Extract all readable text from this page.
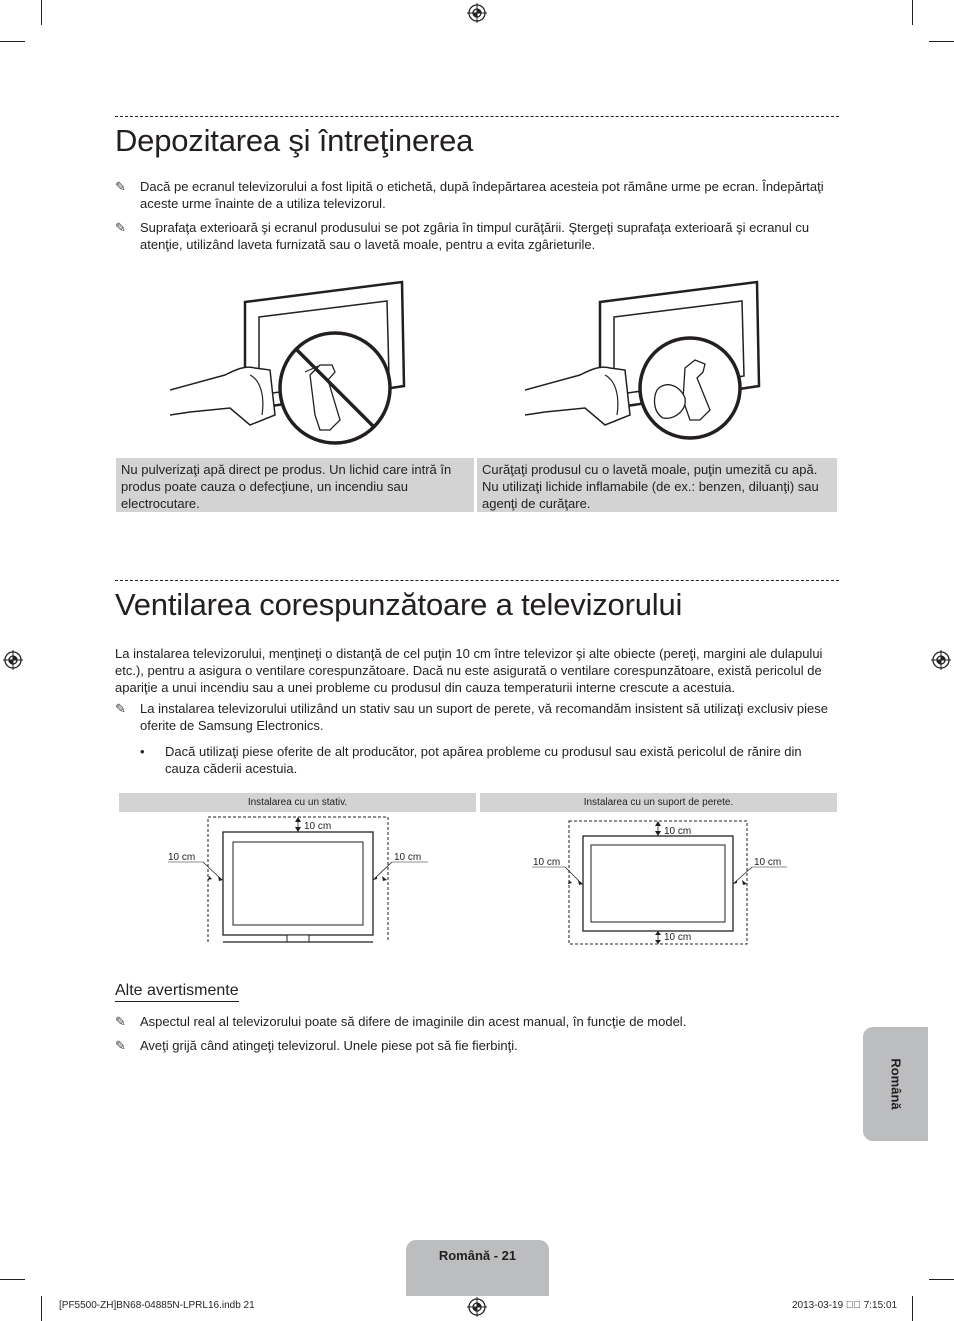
Depozitarea şi întreţinerea
✎	Dacă pe ecranul televizorului a fost lipită o etichetă, după îndepărtarea acesteia pot rămâne urme pe ecran. Îndepărtaţi aceste urme înainte de a utiliza televizorul.
✎	Suprafaţa exterioară şi ecranul produsului se pot zgâria în timpul curăţării. Ştergeţi suprafaţa exterioară şi ecranul cu atenţie, utilizând laveta furnizată sau o lavetă moale, pentru a evita zgârieturile.
Nu pulverizaţi apă direct pe produs. Un lichid care intră în produs poate cauza o defecţiune, un incendiu sau electrocutare.
Curăţaţi produsul cu o lavetă moale, puţin umezită cu apă. Nu utilizaţi lichide inflamabile (de ex.: benzen, diluanţi) sau agenţi de curăţare.
Ventilarea corespunzătoare a televizorului
La instalarea televizorului, menţineţi o distanţă de cel puţin 10 cm între televizor şi alte obiecte (pereţi, margini ale dulapului etc.), pentru a asigura o ventilare corespunzătoare. Dacă nu este asigurată o ventilare corespunzătoare, există pericolul de apariţie a unui incendiu sau a unei probleme cu produsul din cauza temperaturii interne crescute a acestuia.
✎	La instalarea televizorului utilizând un stativ sau un suport de perete, vă recomandăm insistent să utilizaţi exclusiv piese oferite de Samsung Electronics.
• Dacă utilizaţi piese oferite de alt producător, pot apărea probleme cu produsul sau există pericolul de rănire din cauza căderii acestuia.
Instalarea cu un stativ.	Instalarea cu un suport de perete.
10 cm
10 cm	10 cm
10 cm
10 cm
10 cm	10 cm
Alte avertismente
✎	Aspectul real al televizorului poate să difere de imaginile din acest manual, în funcţie de model.
✎	Aveţi grijă când atingeţi televizorul. Unele piese pot să fie fierbinţi.
Română
Română - 21
[PF5500-ZH]BN68-04885N-LPRL16.indb 21	2013-03-19 ￿￿ 7:15:01
